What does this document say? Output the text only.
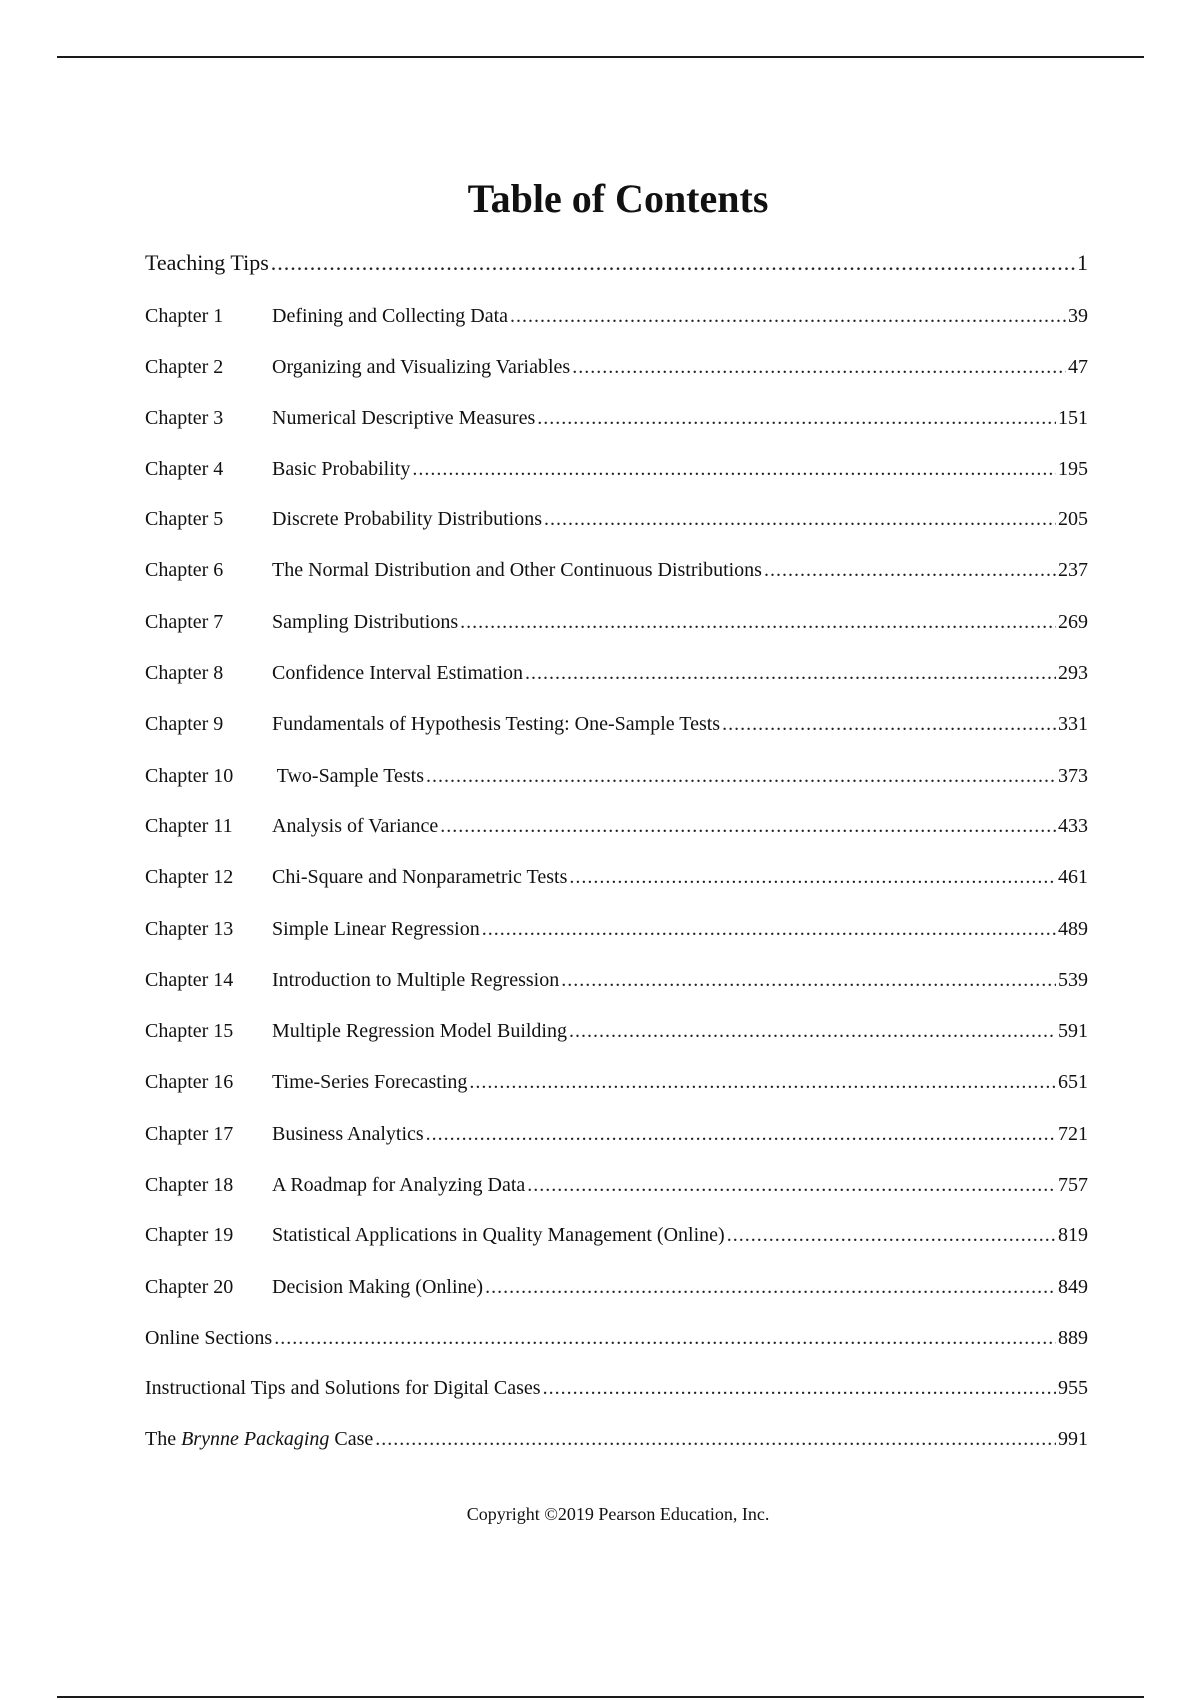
Table of Contents
Teaching Tips .....	1
Chapter 1	Defining and Collecting Data .....	39
Chapter 2	Organizing and Visualizing Variables .....	47
Chapter 3	Numerical Descriptive Measures .....	151
Chapter 4	Basic Probability .....	195
Chapter 5	Discrete Probability Distributions .....	205
Chapter 6	The Normal Distribution and Other Continuous Distributions .....	237
Chapter 7	Sampling Distributions .....	269
Chapter 8	Confidence Interval Estimation .....	293
Chapter 9	Fundamentals of Hypothesis Testing: One-Sample Tests .....	331
Chapter 10	Two-Sample Tests .....	373
Chapter 11	Analysis of Variance .....	433
Chapter 12	Chi-Square and Nonparametric Tests .....	461
Chapter 13	Simple Linear Regression .....	489
Chapter 14	Introduction to Multiple Regression .....	539
Chapter 15	Multiple Regression Model Building .....	591
Chapter 16	Time-Series Forecasting .....	651
Chapter 17	Business Analytics .....	721
Chapter 18	A Roadmap for Analyzing Data .....	757
Chapter 19	Statistical Applications in Quality Management (Online) .....	819
Chapter 20	Decision Making (Online) .....	849
Online Sections .....	889
Instructional Tips and Solutions for Digital Cases .....	955
The Brynne Packaging Case .....	991
Copyright ©2019 Pearson Education, Inc.
